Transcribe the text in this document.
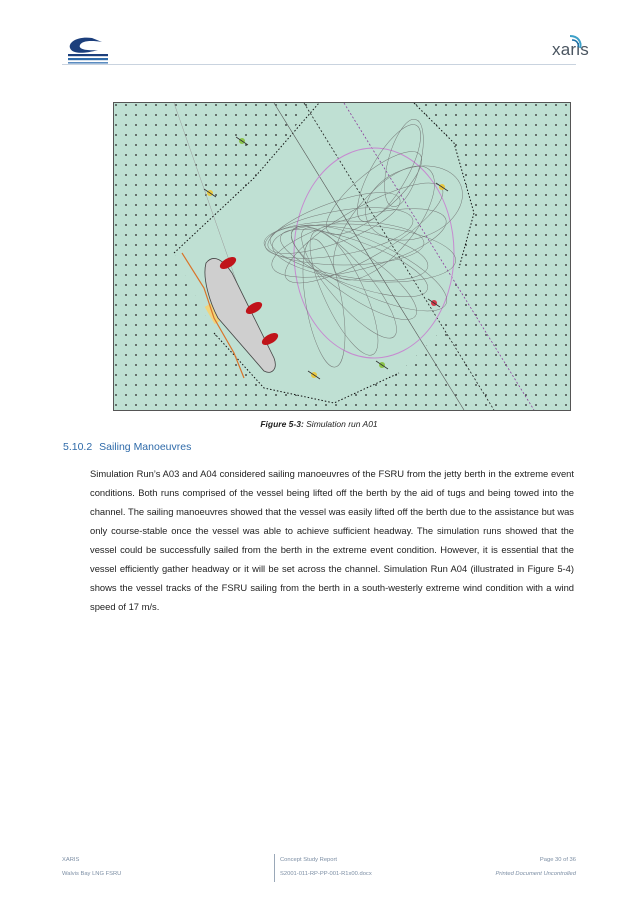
xaris
Figure 5-3: Simulation run A01
5.10.2 Sailing Manoeuvres
Simulation Run’s A03 and A04 considered sailing manoeuvres of the FSRU from the jetty berth in the extreme event conditions. Both runs comprised of the vessel being lifted off the berth by the aid of tugs and being towed into the channel. The sailing manoeuvres showed that the vessel was easily lifted off the berth due to the assistance but was only course-stable once the vessel was able to achieve sufficient headway. The simulation runs showed that the vessel could be successfully sailed from the berth in the extreme event condition. However, it is essential that the vessel efficiently gather headway or it will be set across the channel. Simulation Run A04 (illustrated in Figure 5-4) shows the vessel tracks of the FSRU sailing from the berth in a south-westerly extreme wind condition with a wind speed of 17 m/s.
XARIS
Walvis Bay LNG FSRU
Concept Study Report
S2001-011-RP-PP-001-R1x00.docx
Page 30 of 36
Printed Document Uncontrolled
